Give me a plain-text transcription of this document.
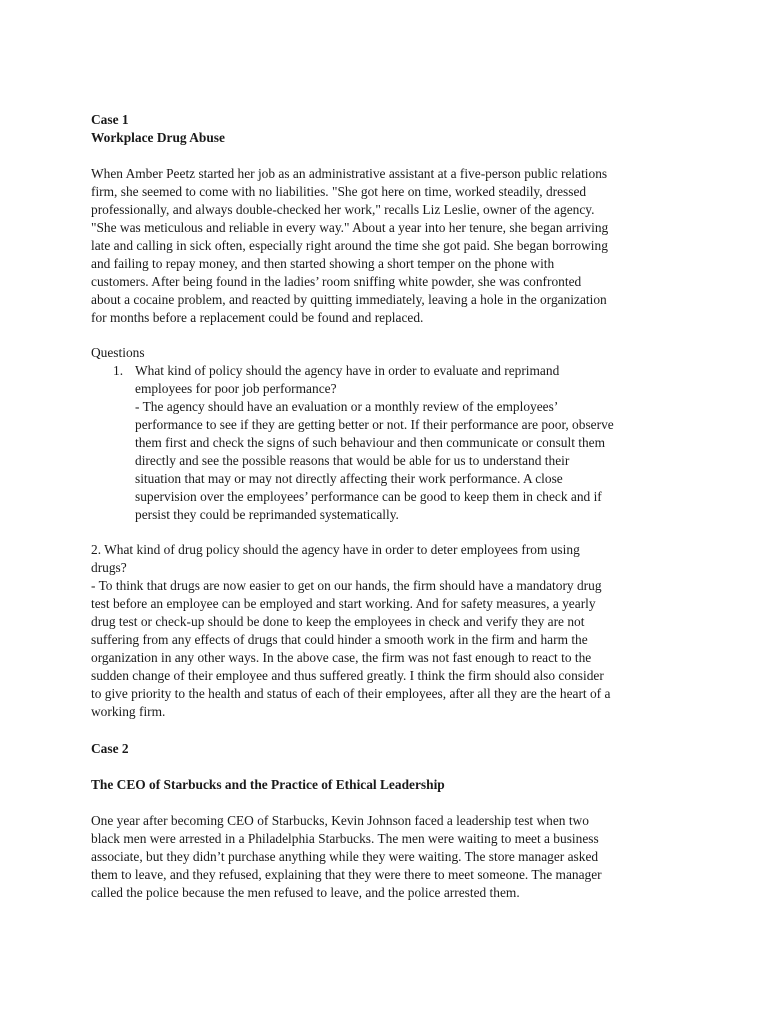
Case 1
Workplace Drug Abuse
When Amber Peetz started her job as an administrative assistant at a five-person public relations
firm, she seemed to come with no liabilities. "She got here on time, worked steadily, dressed
professionally, and always double-checked her work," recalls Liz Leslie, owner of the agency.
"She was meticulous and reliable in every way." About a year into her tenure, she began arriving
late and calling in sick often, especially right around the time she got paid. She began borrowing
and failing to repay money, and then started showing a short temper on the phone with
customers. After being found in the ladies’ room sniffing white powder, she was confronted
about a cocaine problem, and reacted by quitting immediately, leaving a hole in the organization
for months before a replacement could be found and replaced.
Questions
1. What kind of policy should the agency have in order to evaluate and reprimand
employees for poor job performance?
- The agency should have an evaluation or a monthly review of the employees’
performance to see if they are getting better or not. If their performance are poor, observe
them first and check the signs of such behaviour and then communicate or consult them
directly and see the possible reasons that would be able for us to understand their
situation that may or may not directly affecting their work performance. A close
supervision over the employees’ performance can be good to keep them in check and if
persist they could be reprimanded systematically.
2. What kind of drug policy should the agency have in order to deter employees from using
drugs?
- To think that drugs are now easier to get on our hands, the firm should have a mandatory drug
test before an employee can be employed and start working. And for safety measures, a yearly
drug test or check-up should be done to keep the employees in check and verify they are not
suffering from any effects of drugs that could hinder a smooth work in the firm and harm the
organization in any other ways. In the above case, the firm was not fast enough to react to the
sudden change of their employee and thus suffered greatly. I think the firm should also consider
to give priority to the health and status of each of their employees, after all they are the heart of a
working firm.
Case 2
The CEO of Starbucks and the Practice of Ethical Leadership
One year after becoming CEO of Starbucks, Kevin Johnson faced a leadership test when two
black men were arrested in a Philadelphia Starbucks. The men were waiting to meet a business
associate, but they didn’t purchase anything while they were waiting. The store manager asked
them to leave, and they refused, explaining that they were there to meet someone. The manager
called the police because the men refused to leave, and the police arrested them.
